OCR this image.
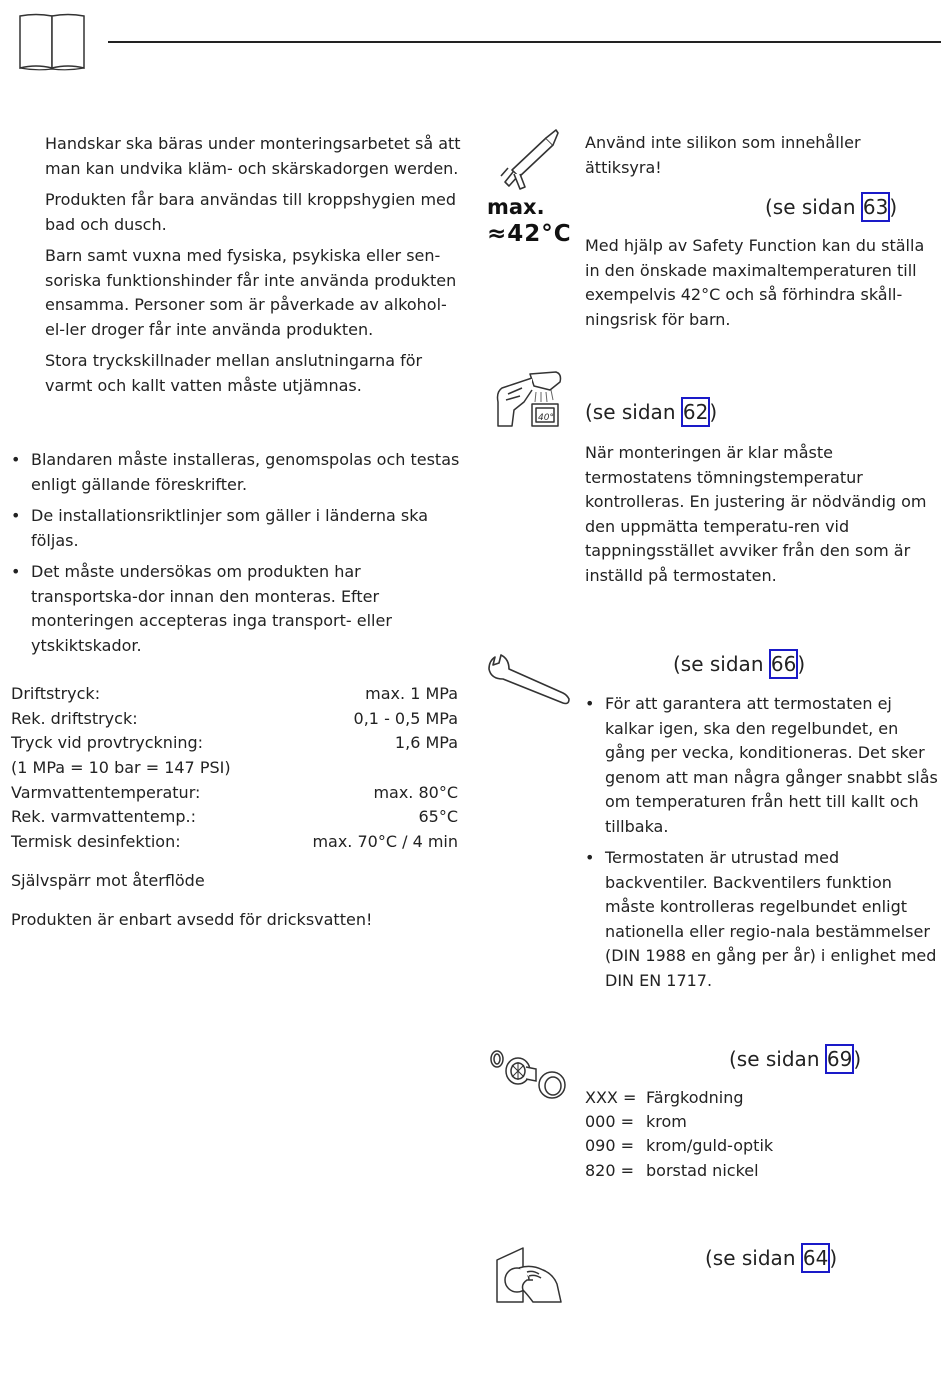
Handskar ska bäras under monteringsarbetet så att man kan undvika kläm- och skärskadorgen werden.

Produkten får bara användas till kroppshygien med bad och dusch.

Barn samt vuxna med fysiska, psykiska eller sen-soriska funktionshinder får inte använda produkten ensamma. Personer som är påverkade av alkohol- el-ler droger får inte använda produkten.

Stora tryckskillnader mellan anslutningarna för varmt och kallt vatten måste utjämnas.

• Blandaren måste installeras, genomspolas och testas enligt gällande föreskrifter.
• De installationsriktlinjer som gäller i länderna ska följas.
• Det måste undersökas om produkten har transportska-dor innan den monteras. Efter monteringen accepteras inga transport- eller ytskiktskador.
Driftstryck:	max. 1 MPa
Rek. driftstryck:	0,1 - 0,5 MPa
Tryck vid provtryckning:	1,6 MPa
(1 MPa = 10 bar = 147 PSI)
Varmvattentemperatur:	max. 80°C
Rek. varmvattentemp.:	65°C
Termisk desinfektion:	max. 70°C / 4 min

Självspärr mot återflöde

Produkten är enbart avsedd för dricksvatten!

Använd inte silikon som innehåller ättiksyra!

max.
≈42°C
(se sidan 63)

Med hjälp av Safety Function kan du ställa in den önskade maximaltemperaturen till exempelvis 42°C och så förhindra skåll-ningsrisk för barn.

40° (se sidan 62)

När monteringen är klar måste termostatens tömningstemperatur kontrolleras. En justering är nödvändig om den uppmätta temperatu-ren vid tappningsstället avviker från den som är inställd på termostaten.

(se sidan 66)
• För att garantera att termostaten ej kalkar igen, ska den regelbundet, en gång per vecka, konditioneras. Det sker genom att man några gånger snabbt slås om temperaturen från hett till kallt och tillbaka.
• Termostaten är utrustad med backventiler. Backventilers funktion måste kontrolleras regelbundet enligt nationella eller regio-nala bestämmelser (DIN 1988 en gång per år) i enlighet med DIN EN 1717.
(se sidan 69)
XXX = Färgkodning
000 = krom
090 = krom/guld-optik
820 = borstad nickel
(se sidan 64)
